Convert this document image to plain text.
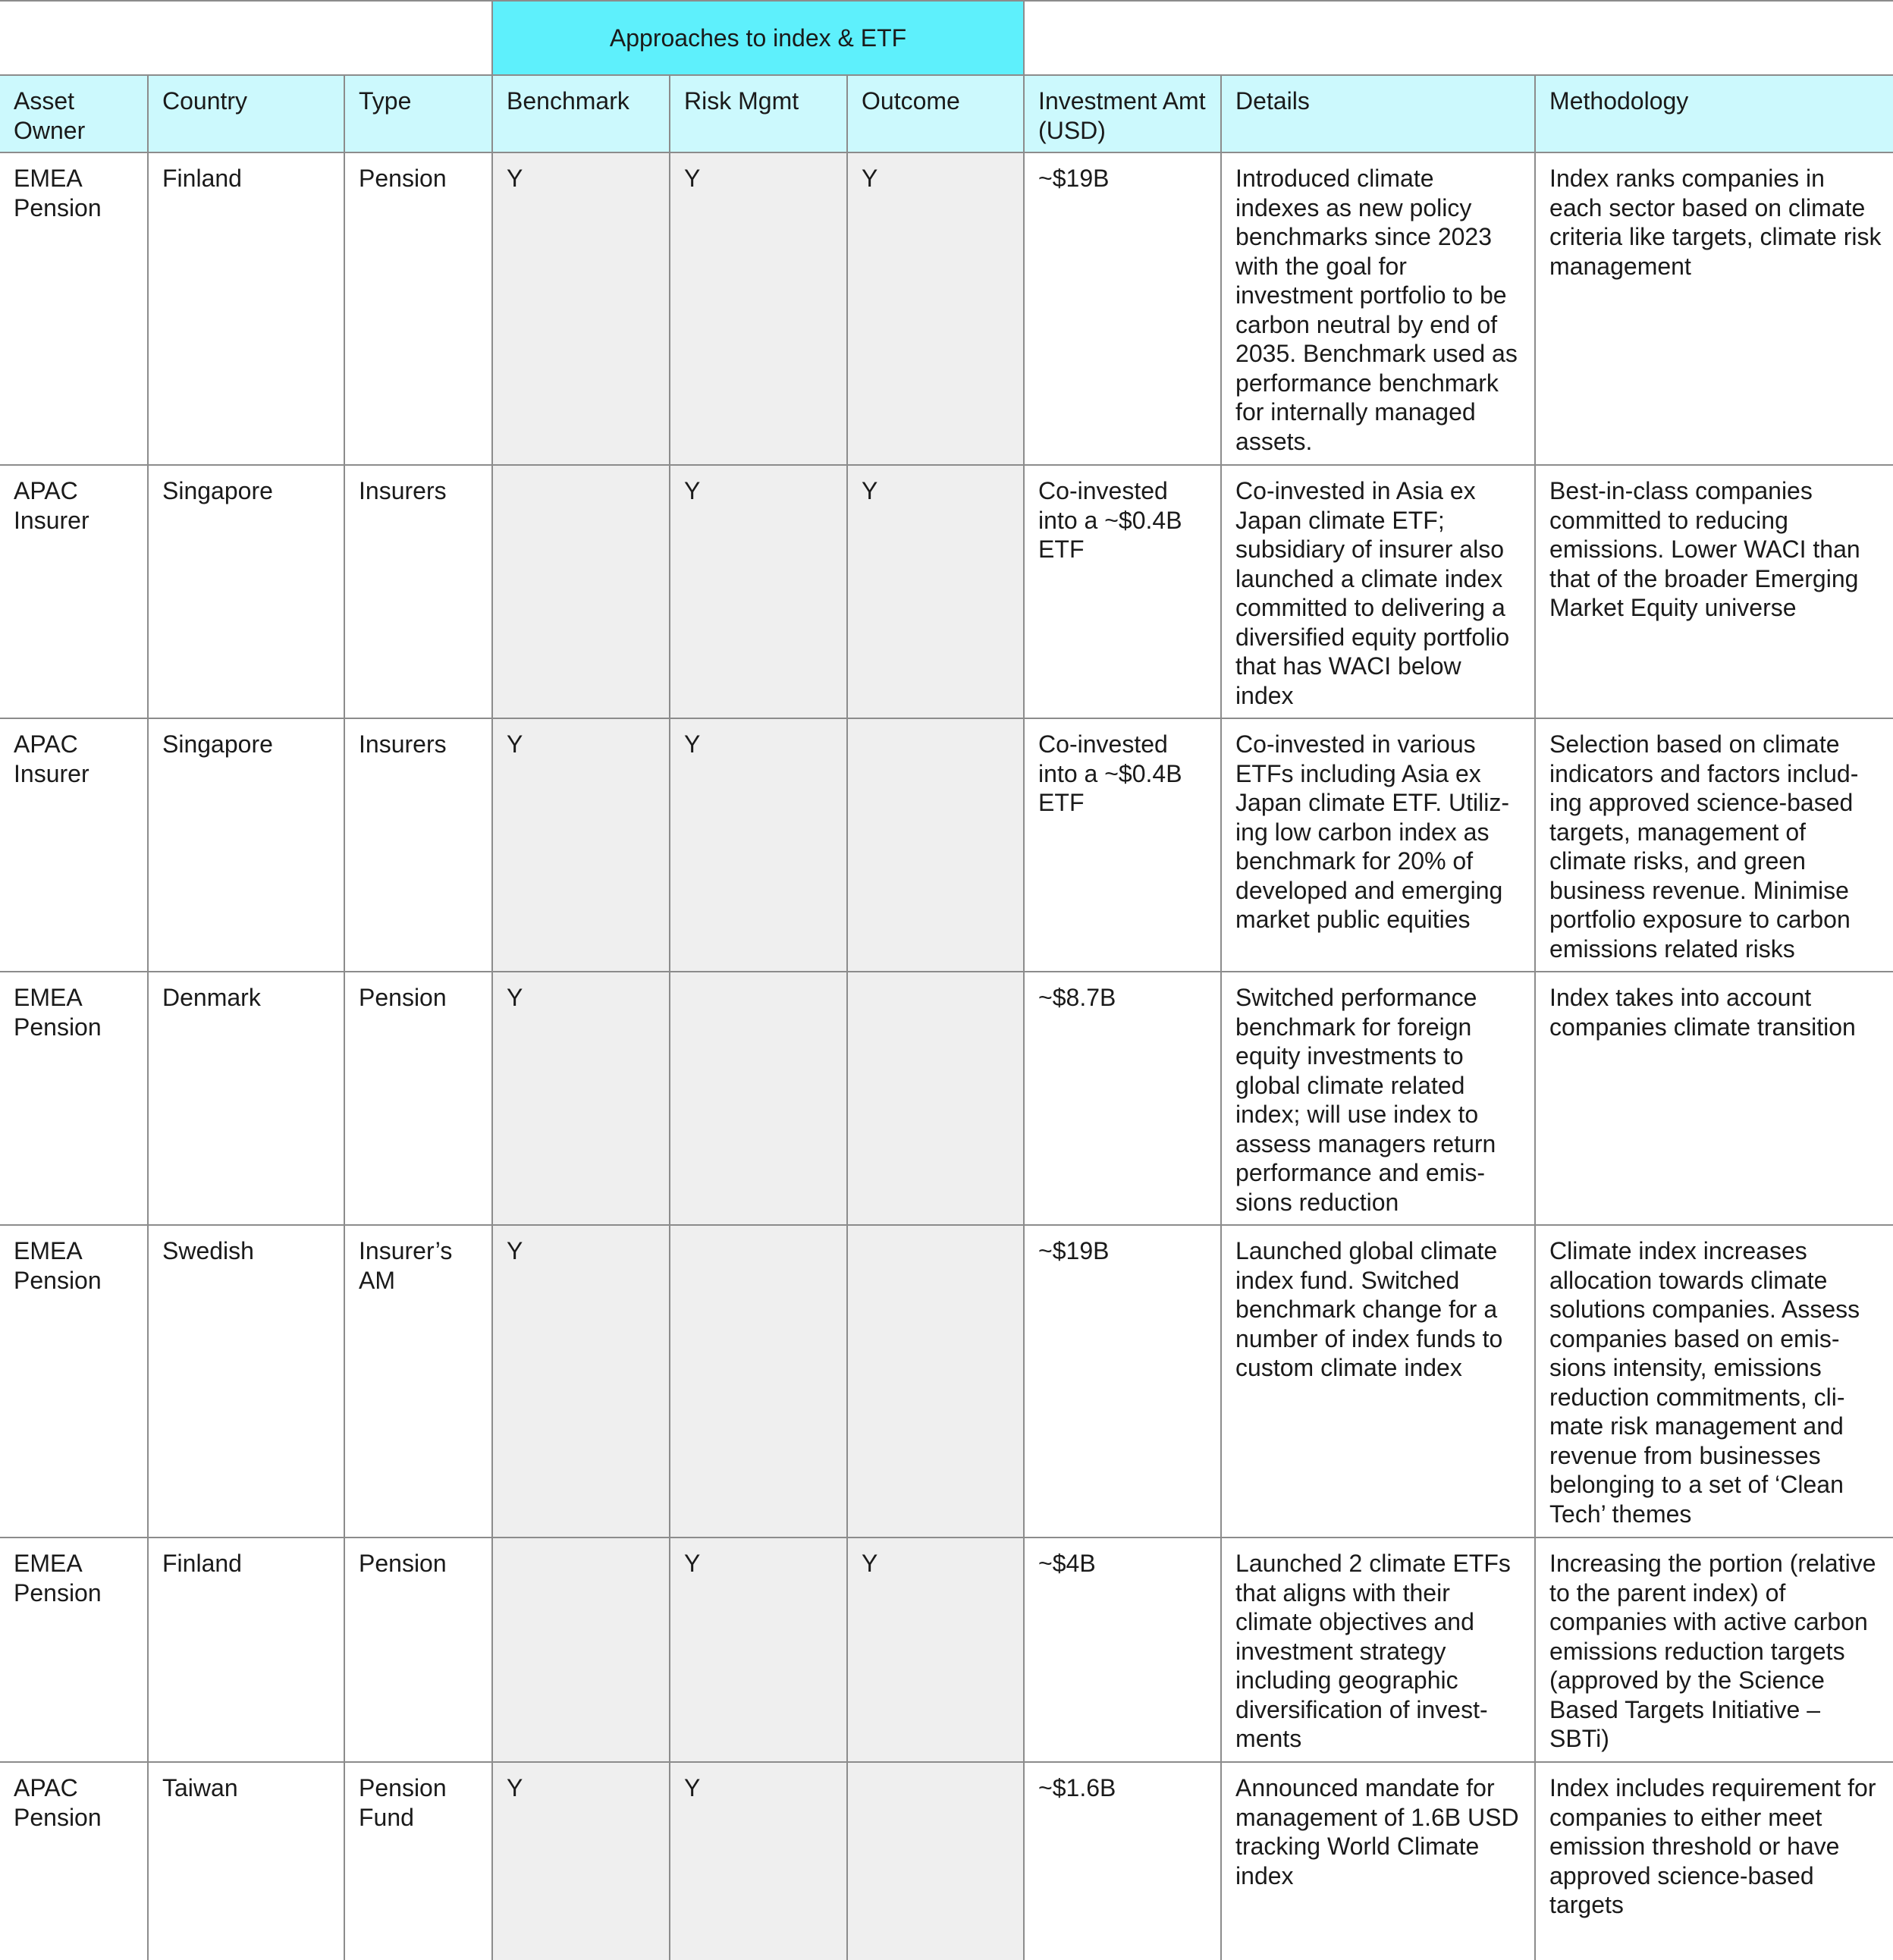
			Approaches to index & ETF					
Asset Owner	Country	Type	Benchmark	Risk Mgmt	Outcome	Investment Amt (USD)	Details	Methodology
EMEA Pension	Finland	Pension	Y	Y	Y	~$19B	Introduced climate indexes as new policy benchmarks since 2023 with the goal for investment portfolio to be carbon neutral by end of 2035. Benchmark used as performance benchmark for internally managed assets.	Index ranks companies in each sector based on climate criteria like targets, climate risk management
APAC Insurer	Singapore	Insurers		Y	Y	Co-invested into a ~$0.4B ETF	Co-invested in Asia ex Japan climate ETF; subsidiary of insurer also launched a climate index committed to delivering a diversified equity portfolio that has WACI below index	Best-in-class companies committed to reducing emissions. Lower WACI than that of the broader Emerging Market Equity universe
APAC Insurer	Singapore	Insurers	Y	Y		Co-invested into a ~$0.4B ETF	Co-invested in various ETFs including Asia ex Japan climate ETF. Utilizing low carbon index as benchmark for 20% of developed and emerging market public equities	Selection based on climate indicators and factors including approved science-based targets, management of climate risks, and green business revenue. Minimise portfolio exposure to carbon emissions related risks
EMEA Pension	Denmark	Pension	Y			~$8.7B	Switched performance benchmark for foreign equity investments to global climate related index; will use index to assess managers return performance and emissions reduction	Index takes into account companies climate transition
EMEA Pension	Swedish	Insurer’s AM	Y			~$19B	Launched global climate index fund. Switched benchmark change for a number of index funds to custom climate index	Climate index increases allocation towards climate solutions companies. Assess companies based on emissions intensity, emissions reduction commitments, climate risk management and revenue from businesses belonging to a set of ‘Clean Tech’ themes
EMEA Pension	Finland	Pension		Y	Y	~$4B	Launched 2 climate ETFs that aligns with their climate objectives and investment strategy including geographic diversification of investments	Increasing the portion (relative to the parent index) of companies with active carbon emissions reduction targets (approved by the Science Based Targets Initiative – SBTi)
APAC Pension	Taiwan	Pension Fund	Y	Y		~$1.6B	Announced mandate for management of 1.6B USD tracking World Climate index	Index includes requirement for companies to either meet emission threshold or have approved science-based targets
